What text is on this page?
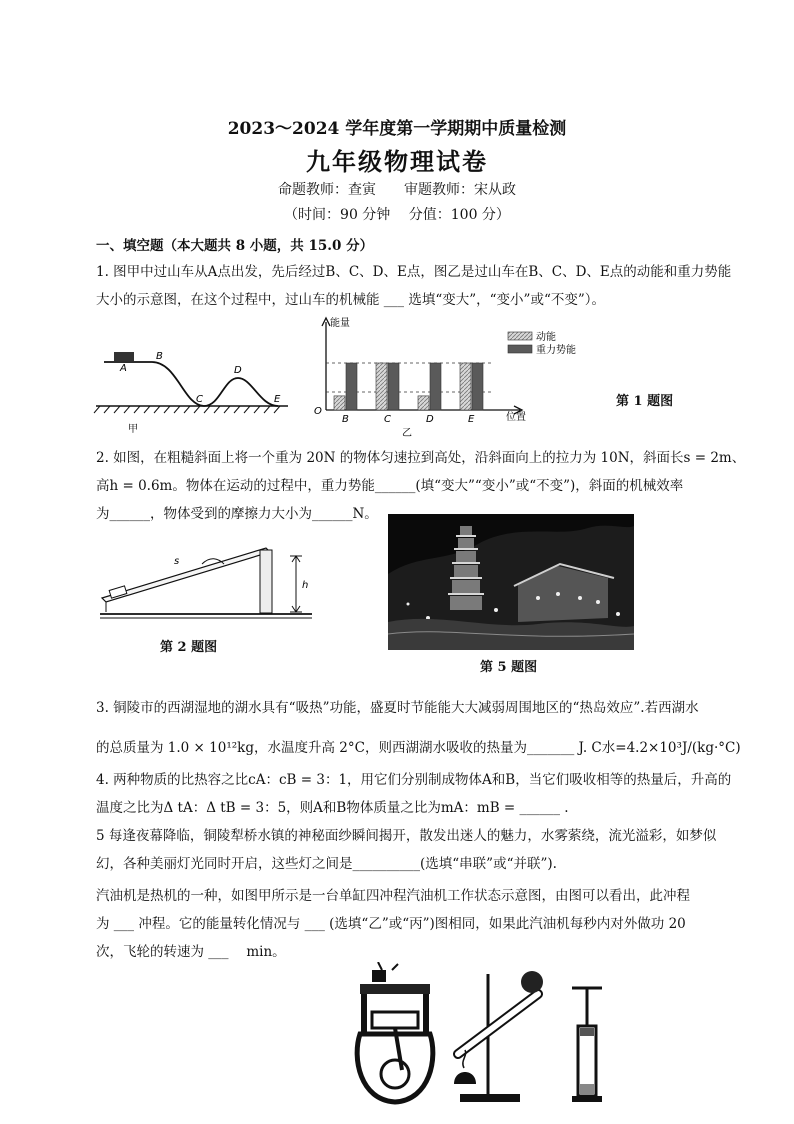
2023～2024 学年度第一学期期中质量检测
九年级物理试卷
命题教师：查寅　　审题教师：宋从政
（时间：90 分钟　 分值：100 分）
一、填空题（本大题共 8 小题，共 15.0 分）
1. 图甲中过山车从A点出发，先后经过B、C、D、E点，图乙是过山车在B、C、D、E点的动能和重力势能
大小的示意图，在这个过程中，过山车的机械能 ___ 选填“变大”，“变小”或“不变”）。
A
B
C
D
E
甲
能量
位置
O
B	C	D	E
动能
重力势能
乙
第 1 题图
2. 如图，在粗糙斜面上将一个重为 20N 的物体匀速拉到高处，沿斜面向上的拉力为 10N，斜面长s = 2m、
高h = 0.6m。物体在运动的过程中，重力势能______(填“变大”“变小”或“不变”)，斜面的机械效率
为______，物体受到的摩擦力大小为______N。
s
h
第 2 题图
第 5 题图
3. 铜陵市的西湖湿地的湖水具有“吸热”功能，盛夏时节能能大大减弱周围地区的“热岛效应”.若西湖水
的总质量为 1.0 × 10¹²kg，水温度升高 2°C，则西湖湖水吸收的热量为_______ J. C水=4.2×10³J/(kg·°C)
4. 两种物质的比热容之比cA：cB = 3：1，用它们分别制成物体A和B，当它们吸收相等的热量后，升高的
温度之比为Δ tA：Δ tB = 3：5，则A和B物体质量之比为mA：mB = ______ .
5 每逢夜幕降临，铜陵犁桥水镇的神秘面纱瞬间揭开，散发出迷人的魅力，水雾萦绕，流光溢彩，如梦似
幻，各种美丽灯光同时开启，这些灯之间是__________(选填“串联”或“并联”).
汽油机是热机的一种，如图甲所示是一台单缸四冲程汽油机工作状态示意图，由图可以看出，此冲程
为 ___ 冲程。它的能量转化情况与 ___ (选填“乙”或“丙”)图相同，如果此汽油机每秒内对外做功 20
次，飞轮的转速为 ___　 min。
